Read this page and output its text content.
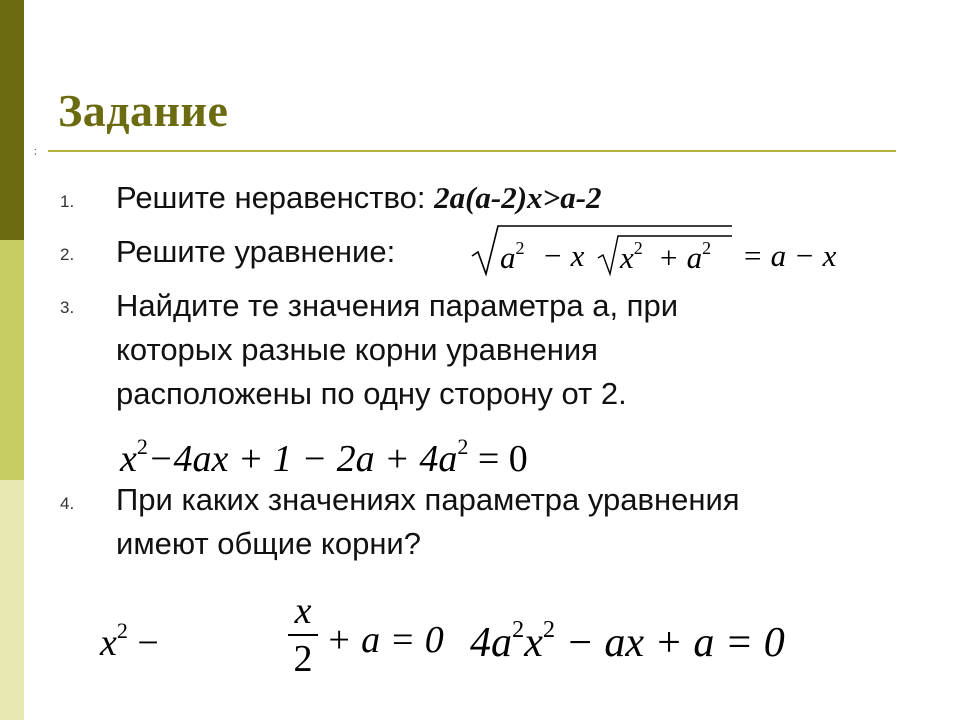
Задание
;
1. Решите неравенство: 2a(a-2)x>a-2
2. Решите уравнение:	$a^2 - x$ $x^2 + a^2 = a - x$
3. Найдите те значения параметра а, при
которых разные корни уравнения
расположены по одну сторону от 2.
$x^2-4ax + 1 - 2a + 4a^2 = 0$
4. При каких значениях параметра уравнения
имеют общие корни?
$x^2$ −
x
2 + a = 0 $4a^2x^2$ − ax + a = 0
